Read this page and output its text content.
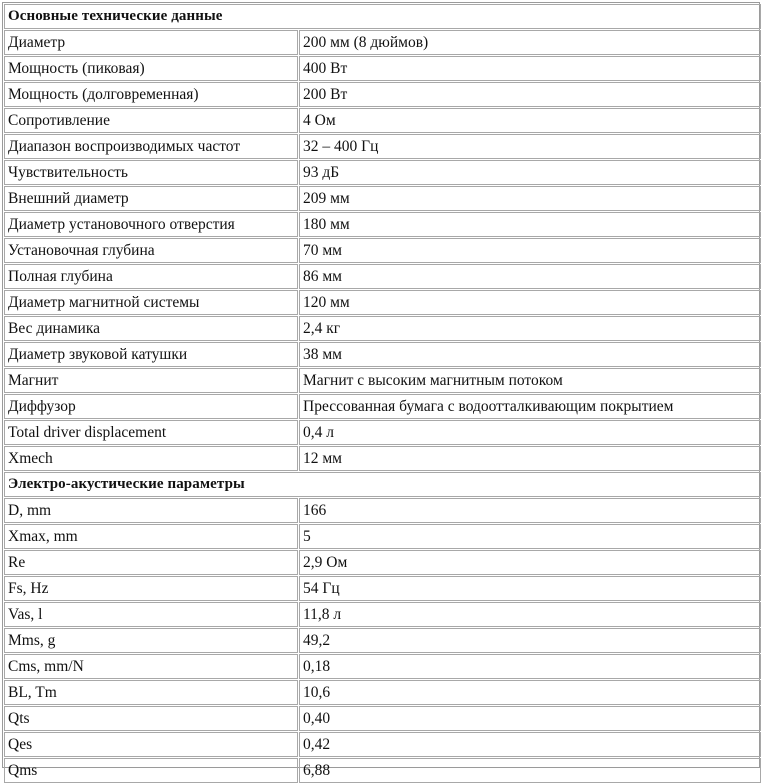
Основные технические данные	
Диаметр	200 мм (8 дюймов)
Мощность (пиковая)	400 Вт
Мощность (долговременная)	200 Вт
Сопротивление	4 Ом
Диапазон воспроизводимых частот	32 – 400 Гц
Чувствительность	93 дБ
Внешний диаметр	209 мм
Диаметр установочного отверстия	180 мм
Установочная глубина	70 мм
Полная глубина	86 мм
Диаметр магнитной системы	120 мм
Вес динамика	2,4 кг
Диаметр звуковой катушки	38 мм
Магнит	Магнит с высоким магнитным потоком
Диффузор	Прессованная бумага с водоотталкивающим покрытием
Total driver displacement	0,4 л
Xmech	12 мм
Электро-акустические параметры	
D, mm	166
Xmax, mm	5
Re	2,9 Ом
Fs, Hz	54 Гц
Vas, l	11,8 л
Mms, g	49,2
Cms, mm/N	0,18
BL, Tm	10,6
Qts	0,40
Qes	0,42
Qms	6,88
